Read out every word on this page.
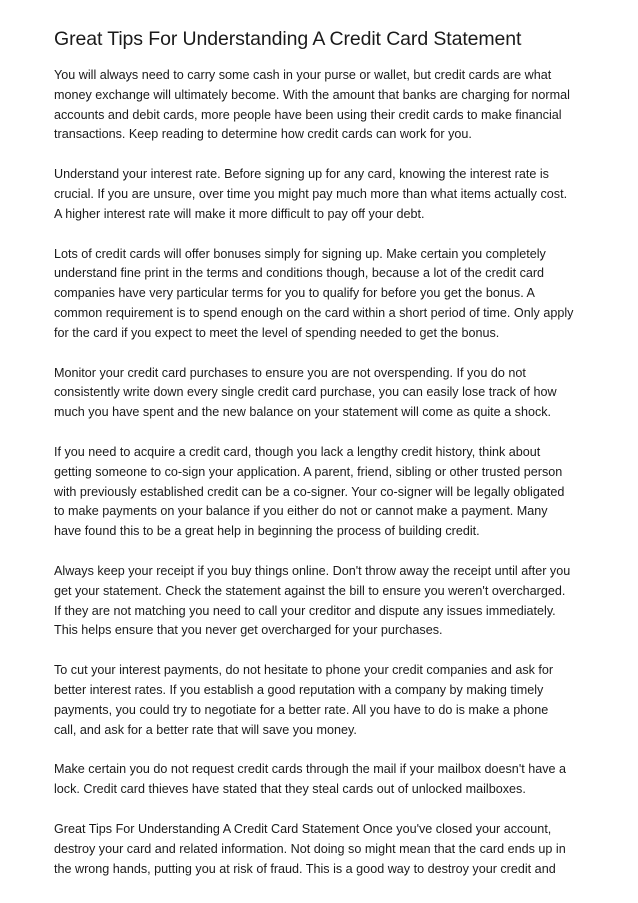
Great Tips For Understanding A Credit Card Statement

You will always need to carry some cash in your purse or wallet, but credit cards are what
money exchange will ultimately become. With the amount that banks are charging for normal
accounts and debit cards, more people have been using their credit cards to make financial
transactions. Keep reading to determine how credit cards can work for you.

Understand your interest rate. Before signing up for any card, knowing the interest rate is
crucial. If you are unsure, over time you might pay much more than what items actually cost.
A higher interest rate will make it more difficult to pay off your debt.

Lots of credit cards will offer bonuses simply for signing up. Make certain you completely
understand fine print in the terms and conditions though, because a lot of the credit card
companies have very particular terms for you to qualify for before you get the bonus. A
common requirement is to spend enough on the card within a short period of time. Only apply
for the card if you expect to meet the level of spending needed to get the bonus.

Monitor your credit card purchases to ensure you are not overspending. If you do not
consistently write down every single credit card purchase, you can easily lose track of how
much you have spent and the new balance on your statement will come as quite a shock.

If you need to acquire a credit card, though you lack a lengthy credit history, think about
getting someone to co-sign your application. A parent, friend, sibling or other trusted person
with previously established credit can be a co-signer. Your co-signer will be legally obligated
to make payments on your balance if you either do not or cannot make a payment. Many
have found this to be a great help in beginning the process of building credit.

Always keep your receipt if you buy things online. Don't throw away the receipt until after you
get your statement. Check the statement against the bill to ensure you weren't overcharged.
If they are not matching you need to call your creditor and dispute any issues immediately.
This helps ensure that you never get overcharged for your purchases.

To cut your interest payments, do not hesitate to phone your credit companies and ask for
better interest rates. If you establish a good reputation with a company by making timely
payments, you could try to negotiate for a better rate. All you have to do is make a phone
call, and ask for a better rate that will save you money.

Make certain you do not request credit cards through the mail if your mailbox doesn't have a
lock. Credit card thieves have stated that they steal cards out of unlocked mailboxes.

Great Tips For Understanding A Credit Card Statement Once you've closed your account,
destroy your card and related information. Not doing so might mean that the card ends up in
the wrong hands, putting you at risk of fraud. This is a good way to destroy your credit and
